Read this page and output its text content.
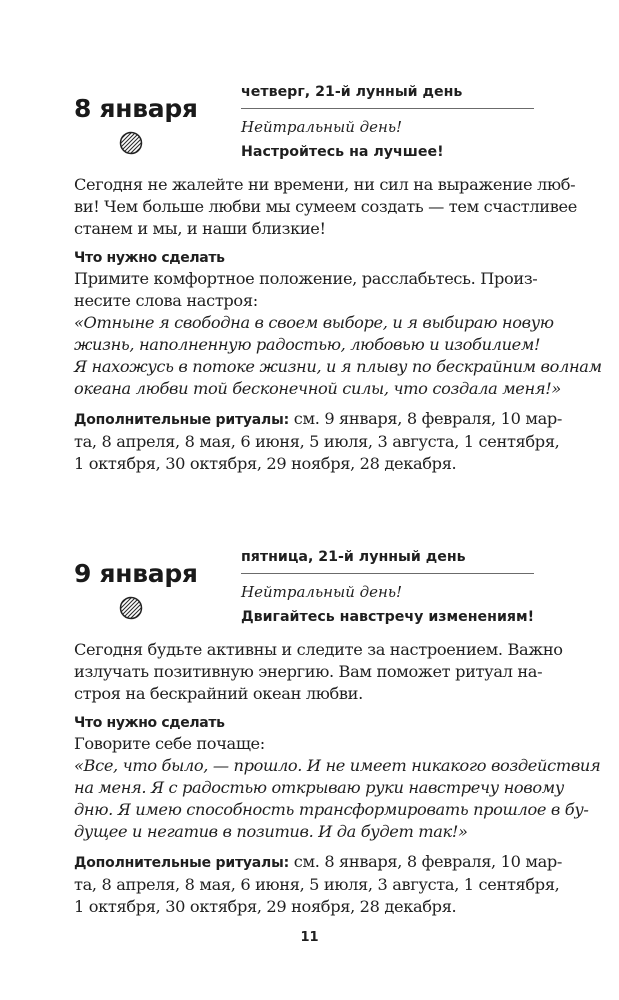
8 января
четверг, 21-й лунный день
Нейтральный день!
Настройтесь на лучшее!

Сегодня не жалейте ни времени, ни сил на выражение люб-
ви! Чем больше любви мы сумеем создать — тем счастливее
станем и мы, и наши близкие!

Что нужно сделать

Примите комфортное положение, расслабьтесь. Произ-
несите слова настроя:

«Отныне я свободна в своем выборе, и я выбираю новую
жизнь, наполненную радостью, любовью и изобилием!
Я нахожусь в потоке жизни, и я плыву по бескрайним волнам
океана любви той бесконечной силы, что создала меня!»

Дополнительные ритуалы: см. 9 января, 8 февраля, 10 мар-
та, 8 апреля, 8 мая, 6 июня, 5 июля, 3 августа, 1 сентября,
1 октября, 30 октября, 29 ноября, 28 декабря.

9 января
пятница, 21-й лунный день
Нейтральный день!
Двигайтесь навстречу изменениям!

Сегодня будьте активны и следите за настроением. Важно
излучать позитивную энергию. Вам поможет ритуал на-
строя на бескрайний океан любви.

Что нужно сделать

Говорите себе почаще:

«Все, что было, — прошло. И не имеет никакого воздействия
на меня. Я с радостью открываю руки навстречу новому
дню. Я имею способность трансформировать прошлое в бу-
дущее и негатив в позитив. И да будет так!»

Дополнительные ритуалы: см. 8 января, 8 февраля, 10 мар-
та, 8 апреля, 8 мая, 6 июня, 5 июля, 3 августа, 1 сентября,
1 октября, 30 октября, 29 ноября, 28 декабря.

11
